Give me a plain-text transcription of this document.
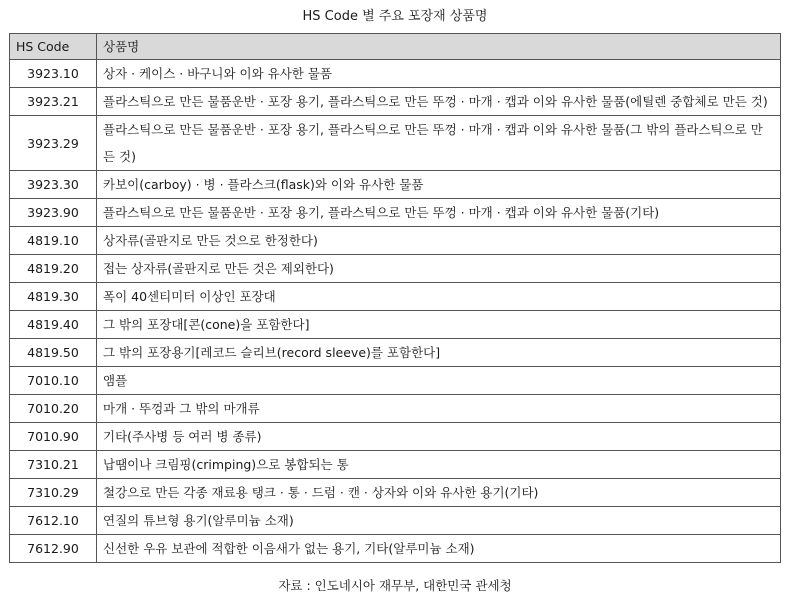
HS Code 별 주요 포장재 상품명
HS Code	상품명
3923.10	상자 · 케이스 · 바구니와 이와 유사한 물품
3923.21	플라스틱으로 만든 물품운반 · 포장 용기, 플라스틱으로 만든 뚜껑 · 마개 · 캡과 이와 유사한 물품(에틸렌 중합체로 만든 것)
3923.29	플라스틱으로 만든 물품운반 · 포장 용기, 플라스틱으로 만든 뚜껑 · 마개 · 캡과 이와 유사한 물품(그 밖의 플라스틱으로 만든 것)
3923.30	카보이(carboy) · 병 · 플라스크(flask)와 이와 유사한 물품
3923.90	플라스틱으로 만든 물품운반 · 포장 용기, 플라스틱으로 만든 뚜껑 · 마개 · 캡과 이와 유사한 물품(기타)
4819.10	상자류(골판지로 만든 것으로 한정한다)
4819.20	접는 상자류(골판지로 만든 것은 제외한다)
4819.30	폭이 40센티미터 이상인 포장대
4819.40	그 밖의 포장대[콘(cone)을 포함한다]
4819.50	그 밖의 포장용기[레코드 슬리브(record sleeve)를 포함한다]
7010.10	앰플
7010.20	마개 · 뚜껑과 그 밖의 마개류
7010.90	기타(주사병 등 여러 병 종류)
7310.21	납땜이나 크림핑(crimping)으로 봉합되는 통
7310.29	철강으로 만든 각종 재료용 탱크 · 통 · 드럼 · 캔 · 상자와 이와 유사한 용기(기타)
7612.10	연질의 튜브형 용기(알루미늄 소재)
7612.90	신선한 우유 보관에 적합한 이음새가 없는 용기, 기타(알루미늄 소재)
자료 : 인도네시아 재무부, 대한민국 관세청
